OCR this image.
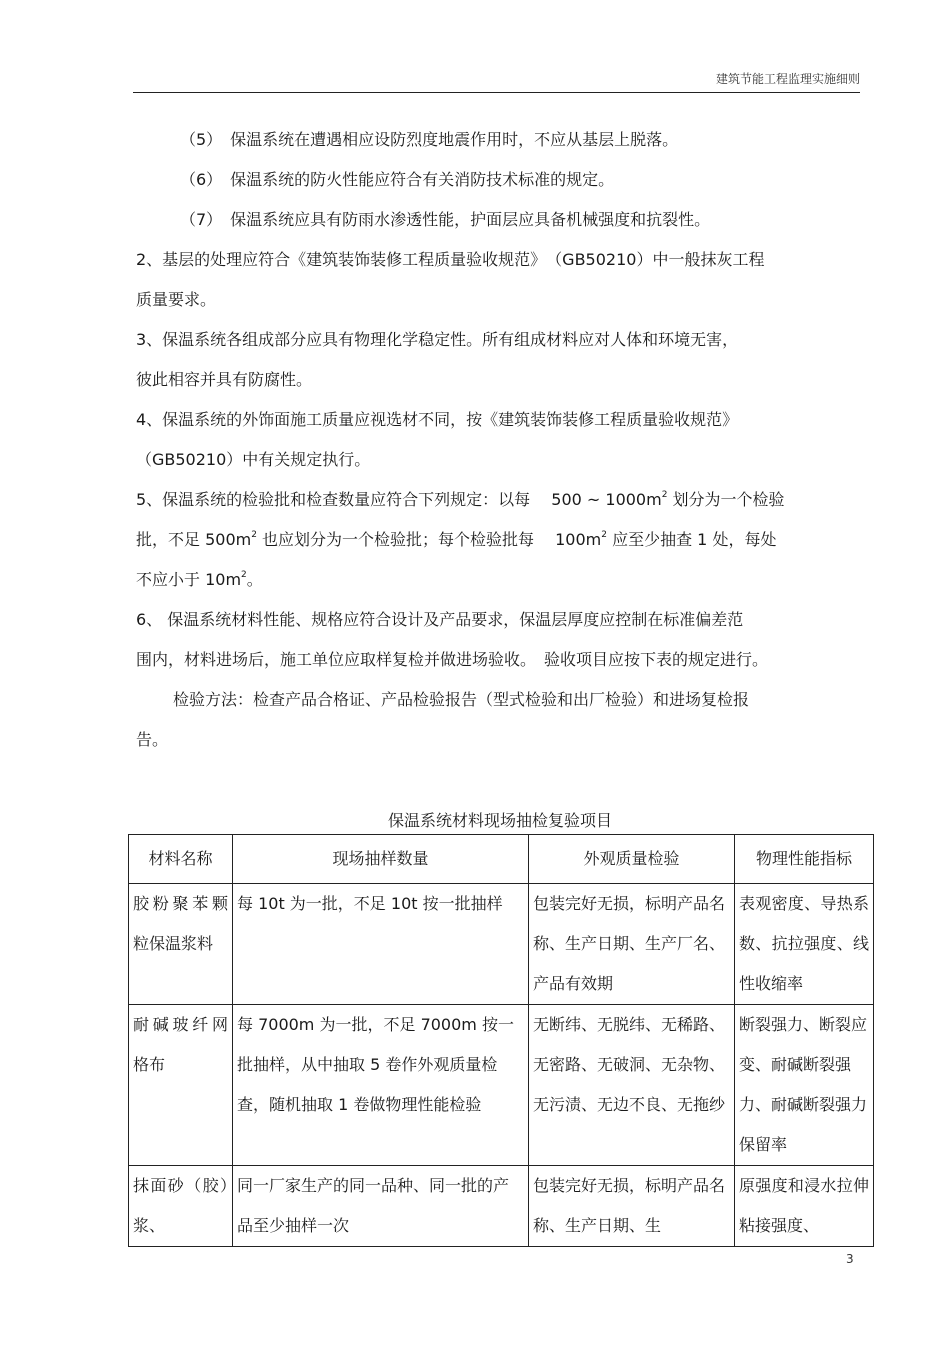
建筑节能工程监理实施细则
（5）　保温系统在遭遇相应设防烈度地震作用时，不应从基层上脱落。
（6）　保温系统的防火性能应符合有关消防技术标准的规定。
（7）　保温系统应具有防雨水渗透性能，护面层应具备机械强度和抗裂性。
2、基层的处理应符合《建筑装饰装修工程质量验收规范》　（GB50210）中一般抹灰工程
质量要求。
3、保温系统各组成部分应具有物理化学稳定性。所有组成材料应对人体和环境无害，
彼此相容并具有防腐性。
4、保温系统的外饰面施工质量应视选材不同，按《建筑装饰装修工程质量验收规范》
（GB50210）中有关规定执行。
5、保温系统的检验批和检查数量应符合下列规定：以每　 500 ~ $1000m^2$ 划分为一个检验
批，不足 $500m^2$ 也应划分为一个检验批；每个检验批每　 $100m^2$ 应至少抽查 1 处，每处
不应小于 $10m^2$。
6、 保温系统材料性能、规格应符合设计及产品要求，保温层厚度应控制在标准偏差范
围内，材料进场后，施工单位应取样复检并做进场验收。　验收项目应按下表的规定进行。
检验方法：检查产品合格证、产品检验报告（型式检验和出厂检验）和进场复检报
告。
保温系统材料现场抽检复验项目
材料名称	现场抽样数量	外观质量检验	物理性能指标
胶粉聚苯颗粒保温浆料	每 10t 为一批，不足 10t 按一批抽样	包装完好无损，标明产品名称、生产日期、生产厂名、产品有效期	表观密度、导热系数、抗拉强度、线性收缩率
耐碱玻纤网格布	每 7000m 为一批，不足 7000m 按一批抽样，从中抽取 5 卷作外观质量检查，随机抽取 1 卷做物理性能检验	无断纬、无脱纬、无稀路、无密路、无破洞、无杂物、无污渍、无边不良、无拖纱	断裂强力、断裂应变、耐碱断裂强力、耐碱断裂强力保留率
抹面砂（胶）浆、	同一厂家生产的同一品种、同一批的产品至少抽样一次	包装完好无损，标明产品名称、生产日期、生	原强度和浸水拉伸粘接强度、
3
